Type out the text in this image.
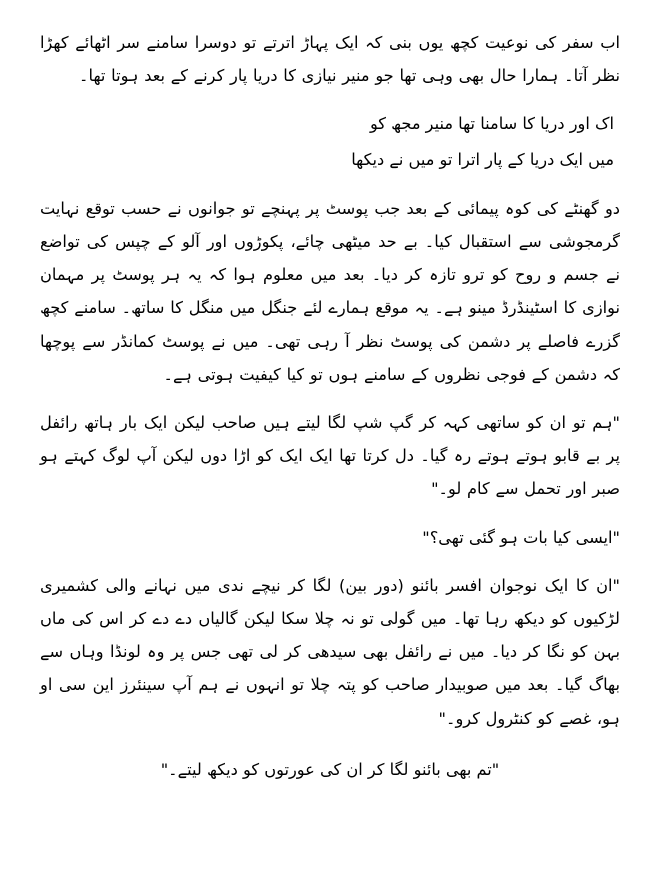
اب سفر کی نوعیت کچھ یوں بنی کہ ایک پہاڑ اترتے تو دوسرا سامنے سر اٹھائے کھڑا نظر آتا۔ ہمارا حال بھی وہی تھا جو منیر نیازی کا دریا پار کرنے کے بعد ہوتا تھا۔

اک اور دریا کا سامنا تھا منیر مجھ کو

میں ایک دریا کے پار اترا تو میں نے دیکھا

دو گھنٹے کی کوہ پیمائی کے بعد جب پوسٹ پر پہنچے تو جوانوں نے حسب توقع نہایت گرمجوشی سے استقبال کیا۔ بے حد میٹھی چائے، پکوڑوں اور آلو کے چپس کی تواضع نے جسم و روح کو ترو تازہ کر دیا۔ بعد میں معلوم ہوا کہ یہ ہر پوسٹ پر مہمان نوازی کا اسٹینڈرڈ مینو ہے۔ یہ موقع ہمارے لئے جنگل میں منگل کا ساتھ۔ سامنے کچھ گزرے فاصلے پر دشمن کی پوسٹ نظر آ رہی تھی۔ میں نے پوسٹ کمانڈر سے پوچھا کہ دشمن کے فوجی نظروں کے سامنے ہوں تو کیا کیفیت ہوتی ہے۔

"ہم تو ان کو ساتھی کہہ کر گپ شپ لگا لیتے ہیں صاحب لیکن ایک بار ہاتھ رائفل پر بے قابو ہوتے ہوتے رہ گیا۔ دل کرتا تھا ایک ایک کو اڑا دوں لیکن آپ لوگ کہتے ہو صبر اور تحمل سے کام لو۔"

"ایسی کیا بات ہو گئی تھی؟"

"ان کا ایک نوجوان افسر بائنو (دور بین) لگا کر نیچے ندی میں نہانے والی کشمیری لڑکیوں کو دیکھ رہا تھا۔ میں گولی تو نہ چلا سکا لیکن گالیاں دے دے کر اس کی ماں بہن کو نگا کر دیا۔ میں نے رائفل بھی سیدھی کر لی تھی جس پر وہ لونڈا وہاں سے بھاگ گیا۔ بعد میں صوبیدار صاحب کو پتہ چلا تو انہوں نے ہم آپ سینئرز این سی او ہو، غصے کو کنٹرول کرو۔"

"تم بھی بائنو لگا کر ان کی عورتوں کو دیکھ لیتے۔"
